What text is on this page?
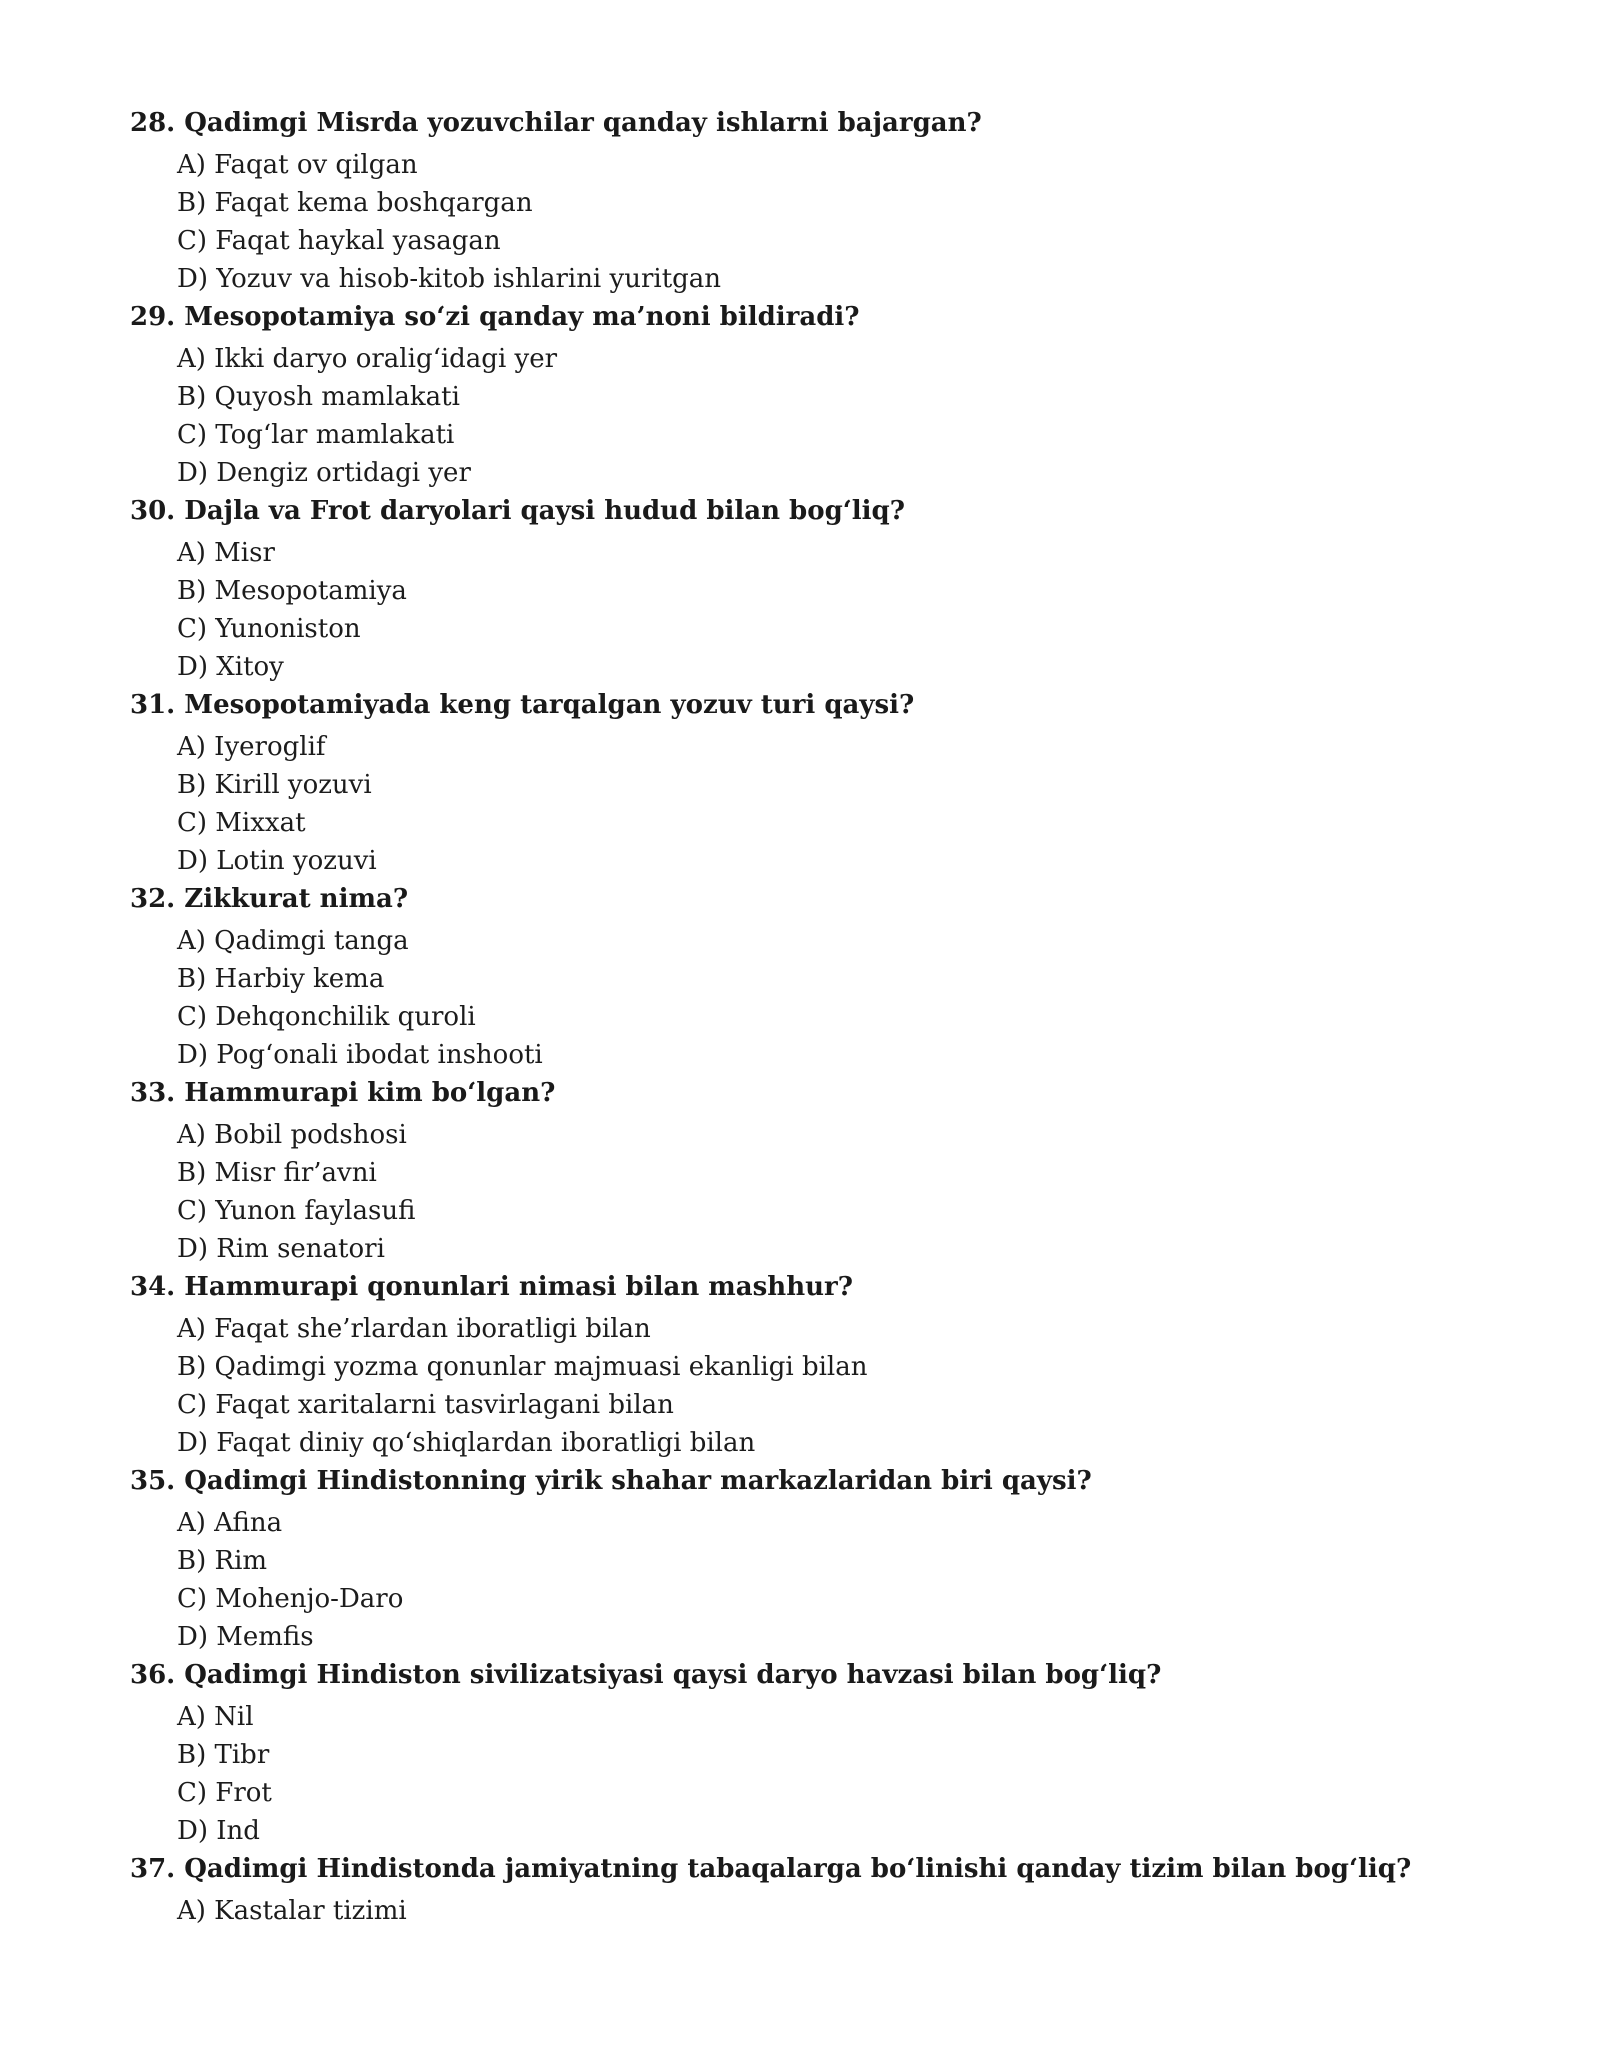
28. Qadimgi Misrda yozuvchilar qanday ishlarni bajargan?
A) Faqat ov qilgan
B) Faqat kema boshqargan
C) Faqat haykal yasagan
D) Yozuv va hisob-kitob ishlarini yuritgan
29. Mesopotamiya so‘zi qanday ma’noni bildiradi?
A) Ikki daryo oralig‘idagi yer
B) Quyosh mamlakati
C) Tog‘lar mamlakati
D) Dengiz ortidagi yer
30. Dajla va Frot daryolari qaysi hudud bilan bog‘liq?
A) Misr
B) Mesopotamiya
C) Yunoniston
D) Xitoy
31. Mesopotamiyada keng tarqalgan yozuv turi qaysi?
A) Iyeroglif
B) Kirill yozuvi
C) Mixxat
D) Lotin yozuvi
32. Zikkurat nima?
A) Qadimgi tanga
B) Harbiy kema
C) Dehqonchilik quroli
D) Pog‘onali ibodat inshooti
33. Hammurapi kim bo‘lgan?
A) Bobil podshosi
B) Misr fir’avni
C) Yunon faylasufi
D) Rim senatori
34. Hammurapi qonunlari nimasi bilan mashhur?
A) Faqat she’rlardan iboratligi bilan
B) Qadimgi yozma qonunlar majmuasi ekanligi bilan
C) Faqat xaritalarni tasvirlagani bilan
D) Faqat diniy qo‘shiqlardan iboratligi bilan
35. Qadimgi Hindistonning yirik shahar markazlaridan biri qaysi?
A) Afina
B) Rim
C) Mohenjo-Daro
D) Memfis
36. Qadimgi Hindiston sivilizatsiyasi qaysi daryo havzasi bilan bog‘liq?
A) Nil
B) Tibr
C) Frot
D) Ind
37. Qadimgi Hindistonda jamiyatning tabaqalarga bo‘linishi qanday tizim bilan bog‘liq?
A) Kastalar tizimi
